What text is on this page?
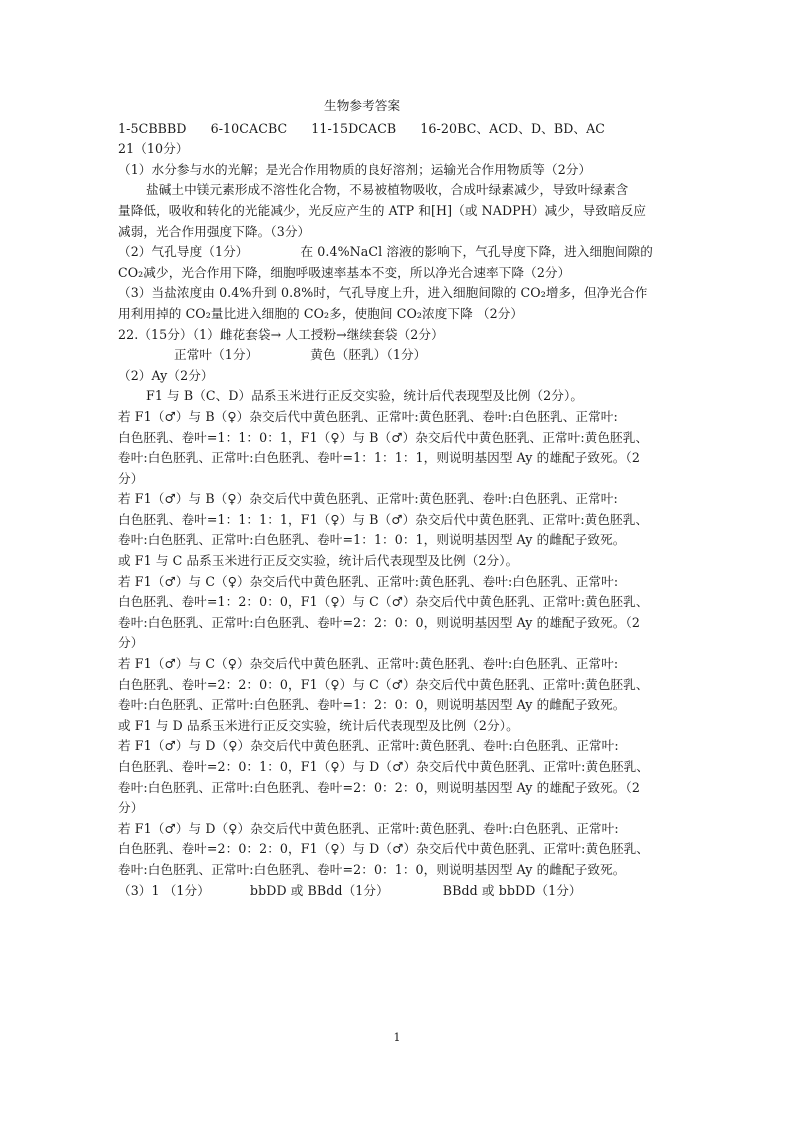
生物参考答案
1-5CBBBD 6-10CACBC 11-15DCACB 16-20BC、ACD、D、BD、AC
21（10分）
（1）水分参与水的光解；是光合作用物质的良好溶剂；运输光合作用物质等（2分）
盐碱土中镁元素形成不溶性化合物，不易被植物吸收，合成叶绿素减少，导致叶绿素含
量降低，吸收和转化的光能减少，光反应产生的 ATP 和[H]（或 NADPH）减少，导致暗反应
减弱，光合作用强度下降。（3分）
（2）气孔导度（1分）	在 0.4%NaCl 溶液的影响下，气孔导度下降，进入细胞间隙的
CO₂减少，光合作用下降，细胞呼吸速率基本不变，所以净光合速率下降（2分）
（3）当盐浓度由 0.4%升到 0.8%时，气孔导度上升，进入细胞间隙的 CO₂增多，但净光合作
用利用掉的 CO₂量比进入细胞的 CO₂多，使胞间 CO₂浓度下降 （2分）
22.（15分）（1）雌花套袋→ 人工授粉→继续套袋（2分）
正常叶（1分）	黄色（胚乳）（1分）
（2）Ay（2分）
F1 与 B（C、D）品系玉米进行正反交实验，统计后代表现型及比例（2分）。
若 F1（♂）与 B（♀）杂交后代中黄色胚乳、正常叶:黄色胚乳、卷叶:白色胚乳、正常叶:
白色胚乳、卷叶=1：1：0：1，F1（♀）与 B（♂）杂交后代中黄色胚乳、正常叶:黄色胚乳、
卷叶:白色胚乳、正常叶:白色胚乳、卷叶=1：1：1：1，则说明基因型 Ay 的雄配子致死。（2
分）
若 F1（♂）与 B（♀）杂交后代中黄色胚乳、正常叶:黄色胚乳、卷叶:白色胚乳、正常叶:
白色胚乳、卷叶=1：1：1：1，F1（♀）与 B（♂）杂交后代中黄色胚乳、正常叶:黄色胚乳、
卷叶:白色胚乳、正常叶:白色胚乳、卷叶=1：1：0：1，则说明基因型 Ay 的雌配子致死。
或 F1 与 C 品系玉米进行正反交实验，统计后代表现型及比例（2分）。
若 F1（♂）与 C（♀）杂交后代中黄色胚乳、正常叶:黄色胚乳、卷叶:白色胚乳、正常叶:
白色胚乳、卷叶=1：2：0：0，F1（♀）与 C（♂）杂交后代中黄色胚乳、正常叶:黄色胚乳、
卷叶:白色胚乳、正常叶:白色胚乳、卷叶=2：2：0：0，则说明基因型 Ay 的雄配子致死。（2
分）
若 F1（♂）与 C（♀）杂交后代中黄色胚乳、正常叶:黄色胚乳、卷叶:白色胚乳、正常叶:
白色胚乳、卷叶=2：2：0：0，F1（♀）与 C（♂）杂交后代中黄色胚乳、正常叶:黄色胚乳、
卷叶:白色胚乳、正常叶:白色胚乳、卷叶=1：2：0：0，则说明基因型 Ay 的雌配子致死。
或 F1 与 D 品系玉米进行正反交实验，统计后代表现型及比例（2分）。
若 F1（♂）与 D（♀）杂交后代中黄色胚乳、正常叶:黄色胚乳、卷叶:白色胚乳、正常叶:
白色胚乳、卷叶=2：0：1：0，F1（♀）与 D（♂）杂交后代中黄色胚乳、正常叶:黄色胚乳、
卷叶:白色胚乳、正常叶:白色胚乳、卷叶=2：0：2：0，则说明基因型 Ay 的雄配子致死。（2
分）
若 F1（♂）与 D（♀）杂交后代中黄色胚乳、正常叶:黄色胚乳、卷叶:白色胚乳、正常叶:
白色胚乳、卷叶=2：0：2：0，F1（♀）与 D（♂）杂交后代中黄色胚乳、正常叶:黄色胚乳、
卷叶:白色胚乳、正常叶:白色胚乳、卷叶=2：0：1：0，则说明基因型 Ay 的雌配子致死。
（3）1 （1分）	bbDD 或 BBdd（1分）	BBdd 或 bbDD（1分）
1
